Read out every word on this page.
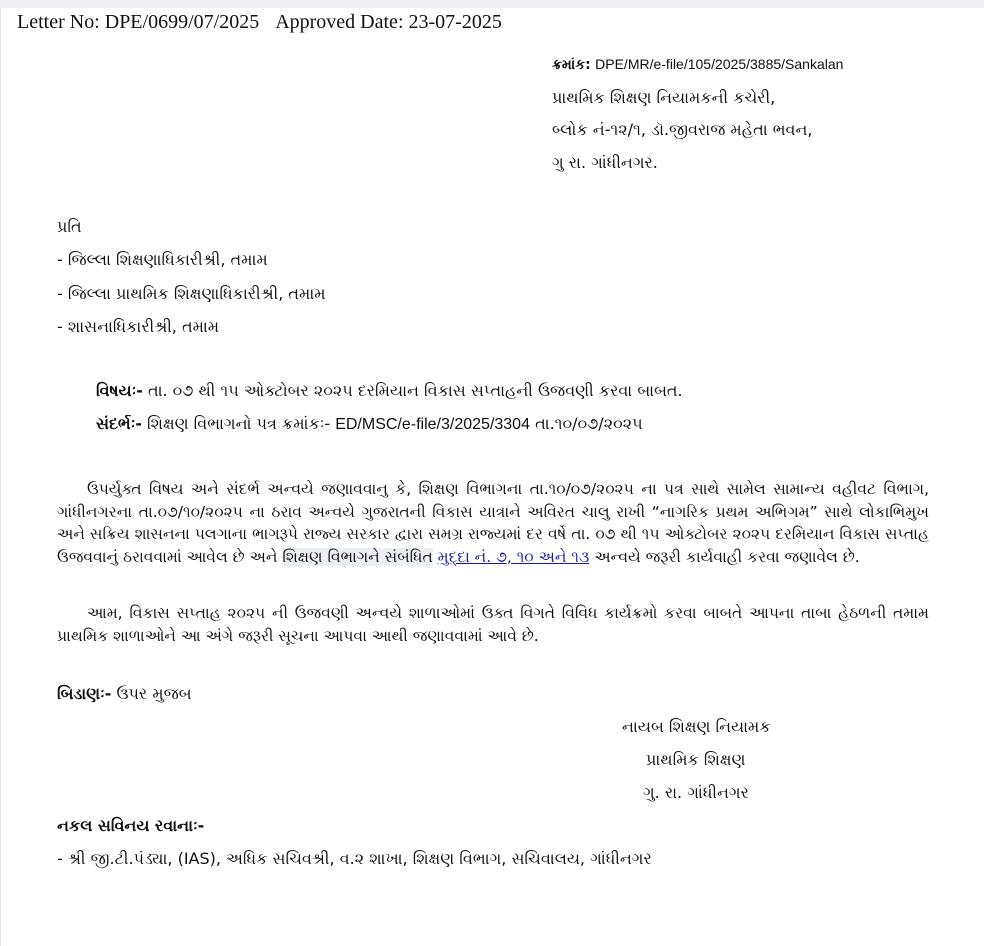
Letter No: DPE/0699/07/2025 Approved Date: 23-07-2025
ક્રમાંક: DPE/MR/e-file/105/2025/3885/Sankalan
પ્રાથમિક શિક્ષણ નિયામકની કચેરી,
બ્લોક નં-૧૨/૧, ડૉ.જીવરાજ મહેતા ભવન,
ગુ રા. ગાંધીનગર.
પ્રતિ
- જિલ્લા શિક્ષણાધિકારીશ્રી, તમામ
- જિલ્લા પ્રાથમિક શિક્ષણાધિકારીશ્રી, તમામ
- શાસનાધિકારીશ્રી, તમામ
વિષયઃ- તા. ૦૭ થી ૧૫ ઓક્ટોબર ૨૦૨૫ દરમિયાન વિકાસ સપ્તાહની ઉજવણી કરવા બાબત.
સંદર્ભઃ- શિક્ષણ વિભાગનો પત્ર ક્રમાંકઃ- ED/MSC/e-file/3/2025/3304 તા.૧૦/૦૭/૨૦૨૫
ઉપર્યુક્ત વિષય અને સંદર્ભ અન્વયે જણાવવાનુ કે, શિક્ષણ વિભાગના તા.૧૦/૦૭/૨૦૨૫ ના પત્ર સાથે સામેલ સામાન્ય વહીવટ વિભાગ, ગાંધીનગરના તા.૦૭/૧૦/૨૦૨૫ ના ઠરાવ અન્વયે ગુજરાતની વિકાસ યાત્રાને અવિરત ચાલુ રાખી “નાગરિક પ્રથમ અભિગમ” સાથે લોકાભિમુખ અને સક્રિય શાસનના પલગાના ભાગરૂપે રાજ્ય સરકાર દ્વારા સમગ્ર રાજ્યમાં દર વર્ષે તા. ૦૭ થી ૧૫ ઓક્ટોબર ૨૦૨૫ દરમિયાન વિકાસ સપ્તાહ ઉજવવાનું ઠરાવવામાં આવેલ છે અને શિક્ષણ વિભાગને સંબંધિત મુદ્દા નં. ૭, ૧૦ અને ૧૩ અન્વયે જરૂરી કાર્યવાહી કરવા જણાવેલ છે.
આમ, વિકાસ સપ્તાહ ૨૦૨૫ ની ઉજવણી અન્વયે શાળાઓમાં ઉક્ત વિગતે વિવિધ કાર્યક્રમો કરવા બાબતે આપના તાબા હેઠળની તમામ પ્રાથમિક શાળાઓને આ અંગે જરૂરી સૂચના આપવા આથી જણાવવામાં આવે છે.
બિડાણઃ- ઉપર મુજબ
નાયબ શિક્ષણ નિયામક
પ્રાથમિક શિક્ષણ
ગુ. રા. ગાંધીનગર
નકલ સવિનય રવાનાઃ-
- શ્રી જી.ટી.પંડ્યા, (IAS), અધિક સચિવશ્રી, વ.૨ શાખા, શિક્ષણ વિભાગ, સચિવાલય, ગાંધીનગર
